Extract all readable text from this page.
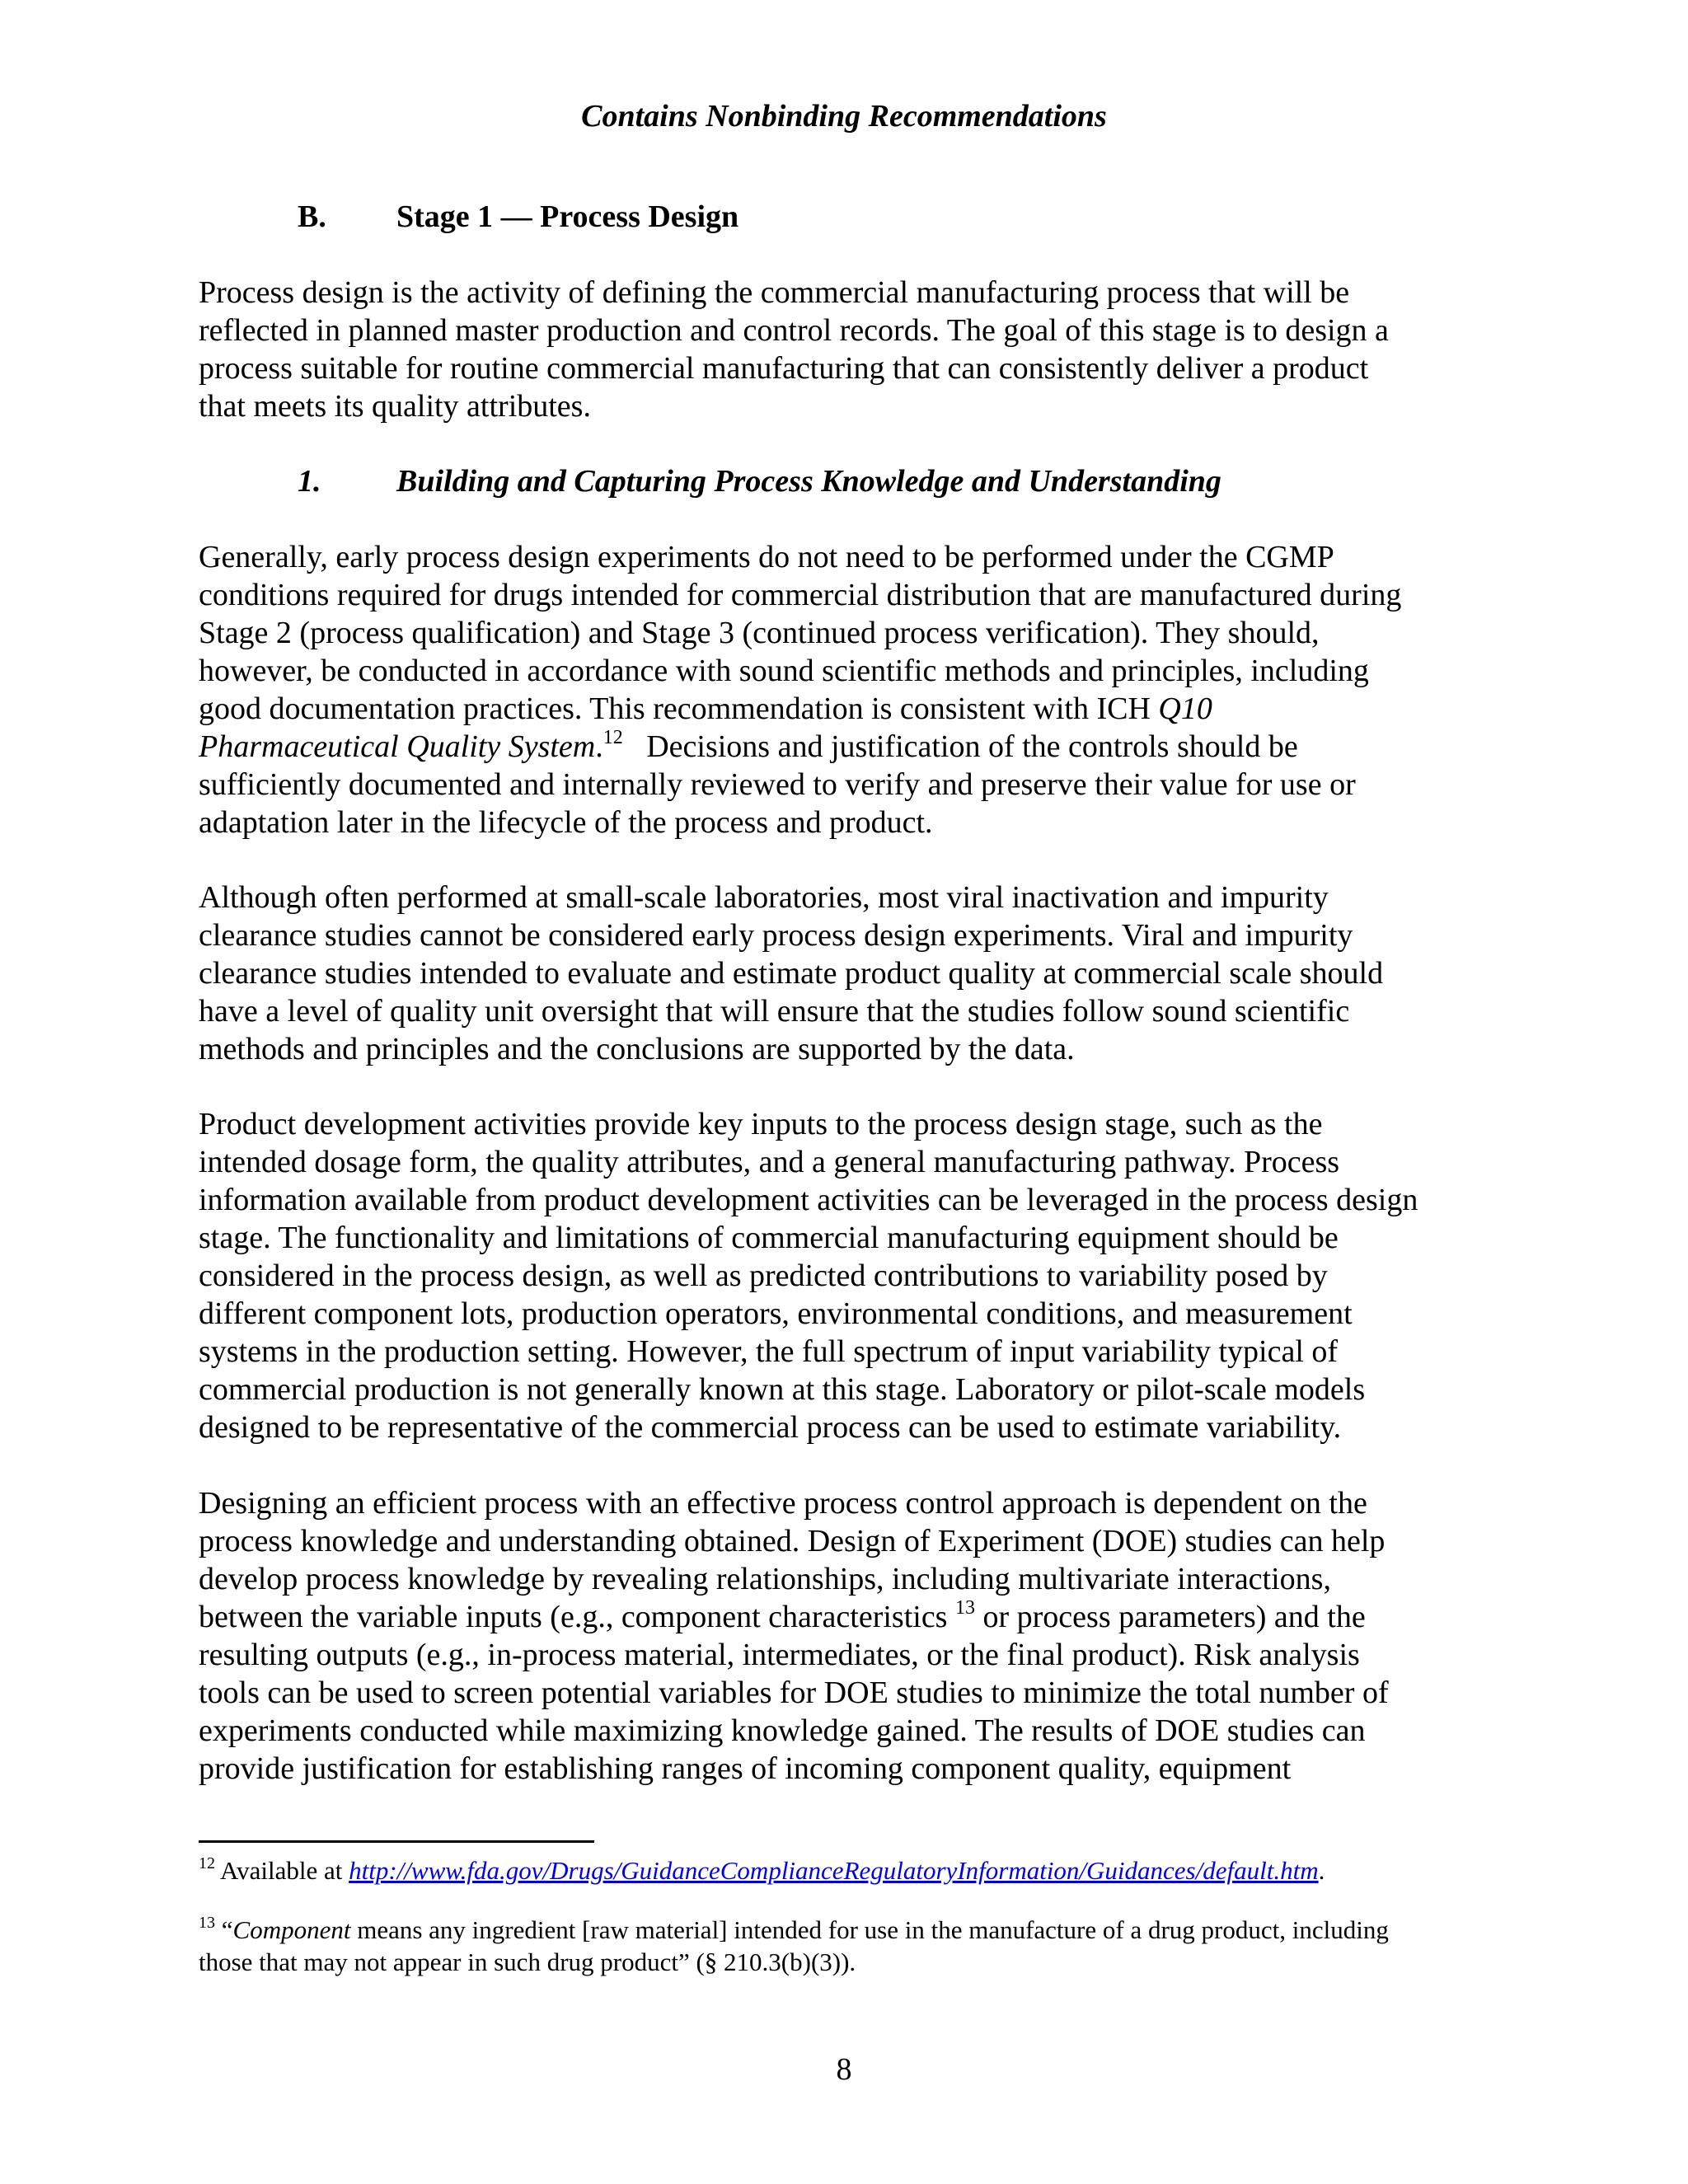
Contains Nonbinding Recommendations

B. Stage 1 — Process Design

Process design is the activity of defining the commercial manufacturing process that will be
reflected in planned master production and control records. The goal of this stage is to design a
process suitable for routine commercial manufacturing that can consistently deliver a product
that meets its quality attributes.

1. Building and Capturing Process Knowledge and Understanding

Generally, early process design experiments do not need to be performed under the CGMP
conditions required for drugs intended for commercial distribution that are manufactured during
Stage 2 (process qualification) and Stage 3 (continued process verification). They should,
however, be conducted in accordance with sound scientific methods and principles, including
good documentation practices. This recommendation is consistent with ICH Q10
Pharmaceutical Quality System.$^{12}$   Decisions and justification of the controls should be
sufficiently documented and internally reviewed to verify and preserve their value for use or
adaptation later in the lifecycle of the process and product.

Although often performed at small-scale laboratories, most viral inactivation and impurity
clearance studies cannot be considered early process design experiments. Viral and impurity
clearance studies intended to evaluate and estimate product quality at commercial scale should
have a level of quality unit oversight that will ensure that the studies follow sound scientific
methods and principles and the conclusions are supported by the data.

Product development activities provide key inputs to the process design stage, such as the
intended dosage form, the quality attributes, and a general manufacturing pathway. Process
information available from product development activities can be leveraged in the process design
stage. The functionality and limitations of commercial manufacturing equipment should be
considered in the process design, as well as predicted contributions to variability posed by
different component lots, production operators, environmental conditions, and measurement
systems in the production setting. However, the full spectrum of input variability typical of
commercial production is not generally known at this stage. Laboratory or pilot-scale models
designed to be representative of the commercial process can be used to estimate variability.

Designing an efficient process with an effective process control approach is dependent on the
process knowledge and understanding obtained. Design of Experiment (DOE) studies can help
develop process knowledge by revealing relationships, including multivariate interactions,
between the variable inputs (e.g., component characteristics $^{13}$ or process parameters) and the
resulting outputs (e.g., in-process material, intermediates, or the final product). Risk analysis
tools can be used to screen potential variables for DOE studies to minimize the total number of
experiments conducted while maximizing knowledge gained. The results of DOE studies can
provide justification for establishing ranges of incoming component quality, equipment

$^{12}$ Available at http://www.fda.gov/Drugs/GuidanceComplianceRegulatoryInformation/Guidances/default.htm.

$^{13}$ “Component means any ingredient [raw material] intended for use in the manufacture of a drug product, including
those that may not appear in such drug product” (§ 210.3(b)(3)).

8
